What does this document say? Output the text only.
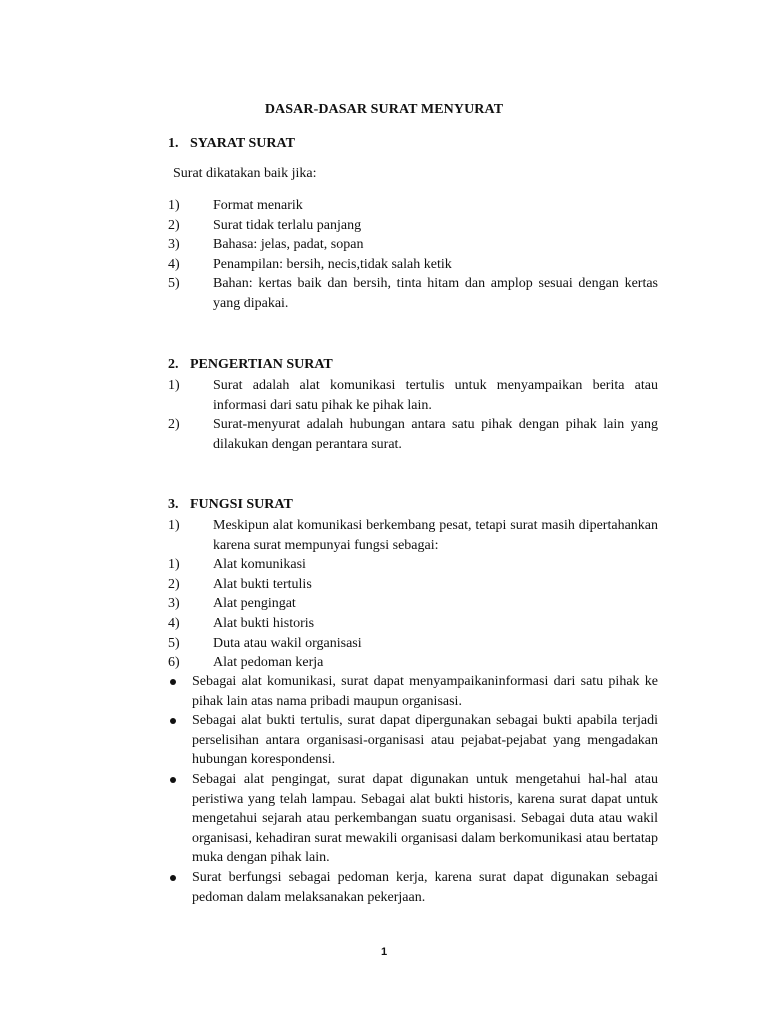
DASAR-DASAR SURAT MENYURAT
1. SYARAT SURAT
Surat dikatakan baik jika:
1) Format menarik
2) Surat tidak terlalu panjang
3) Bahasa: jelas, padat, sopan
4) Penampilan: bersih, necis,tidak salah ketik
5) Bahan: kertas baik dan bersih, tinta hitam dan amplop sesuai dengan kertas yang dipakai.
2. PENGERTIAN SURAT
1) Surat adalah alat komunikasi tertulis untuk menyampaikan berita atau informasi dari satu pihak ke pihak lain.
2) Surat-menyurat adalah hubungan antara satu pihak dengan pihak lain yang dilakukan dengan perantara surat.
3. FUNGSI SURAT
1) Meskipun alat komunikasi berkembang pesat, tetapi surat masih dipertahankan karena surat mempunyai fungsi sebagai:
1) Alat komunikasi
2) Alat bukti tertulis
3) Alat pengingat
4) Alat bukti historis
5) Duta atau wakil organisasi
6) Alat pedoman kerja
Sebagai alat komunikasi, surat dapat menyampaikaninformasi dari satu pihak ke pihak lain atas nama pribadi maupun organisasi.
Sebagai alat bukti tertulis, surat dapat dipergunakan sebagai bukti apabila terjadi perselisihan antara organisasi-organisasi atau pejabat-pejabat yang mengadakan hubungan korespondensi.
Sebagai alat pengingat, surat dapat digunakan untuk mengetahui hal-hal atau peristiwa yang telah lampau. Sebagai alat bukti historis, karena surat dapat untuk mengetahui sejarah atau perkembangan suatu organisasi. Sebagai duta atau wakil organisasi, kehadiran surat mewakili organisasi dalam berkomunikasi atau bertatap muka dengan pihak lain.
Surat berfungsi sebagai pedoman kerja, karena surat dapat digunakan sebagai pedoman dalam melaksanakan pekerjaan.
1
